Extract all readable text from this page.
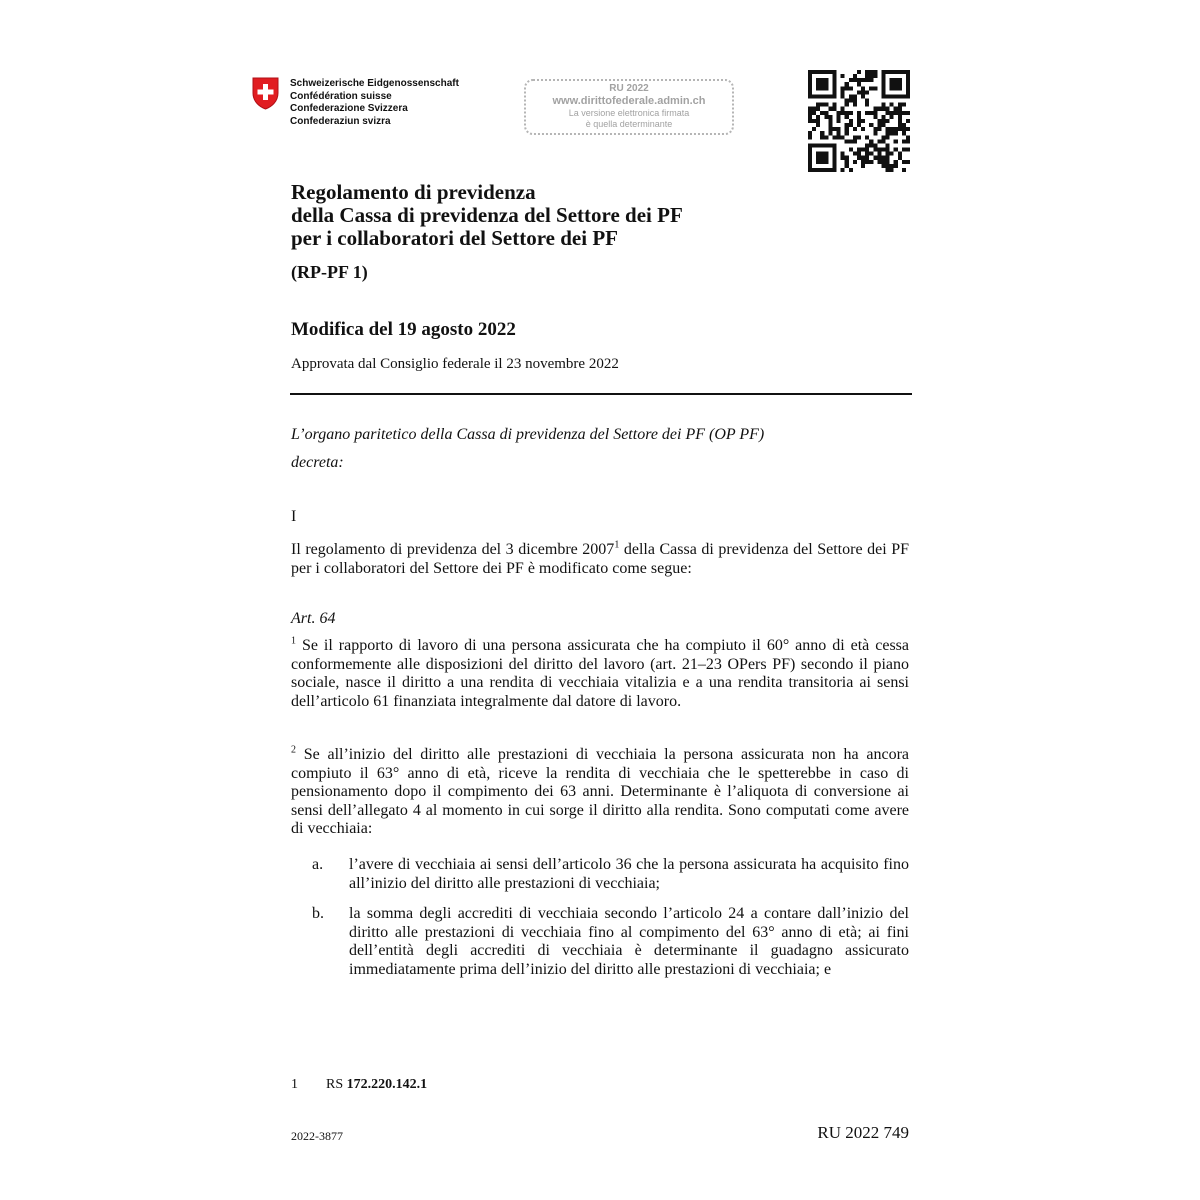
Schweizerische Eidgenossenschaft
Confédération suisse
Confederazione Svizzera
Confederaziun svizra
RU 2022
www.dirittofederale.admin.ch
La versione elettronica firmata
è quella determinante
Regolamento di previdenza
della Cassa di previdenza del Settore dei PF
per i collaboratori del Settore dei PF
(RP-PF 1)
Modifica del 19 agosto 2022
Approvata dal Consiglio federale il 23 novembre 2022
L’organo paritetico della Cassa di previdenza del Settore dei PF (OP PF)
decreta:
I
Il regolamento di previdenza del 3 dicembre 2007$^1$ della Cassa di previdenza del Settore dei PF per i collaboratori del Settore dei PF è modificato come segue:
Art. 64
$^1$ Se il rapporto di lavoro di una persona assicurata che ha compiuto il 60° anno di età cessa conformemente alle disposizioni del diritto del lavoro (art. 21–23 OPers PF) secondo il piano sociale, nasce il diritto a una rendita di vecchiaia vitalizia e a una rendita transitoria ai sensi dell’articolo 61 finanziata integralmente dal datore di lavoro.
$^2$ Se all’inizio del diritto alle prestazioni di vecchiaia la persona assicurata non ha ancora compiuto il 63° anno di età, riceve la rendita di vecchiaia che le spetterebbe in caso di pensionamento dopo il compimento dei 63 anni. Determinante è l’aliquota di conversione ai sensi dell’allegato 4 al momento in cui sorge il diritto alla rendita. Sono computati come avere di vecchiaia:
a. l’avere di vecchiaia ai sensi dell’articolo 36 che la persona assicurata ha acquisito fino all’inizio del diritto alle prestazioni di vecchiaia;
b. la somma degli accrediti di vecchiaia secondo l’articolo 24 a contare dall’inizio del diritto alle prestazioni di vecchiaia fino al compimento del 63° anno di età; ai fini dell’entità degli accrediti di vecchiaia è determinante il guadagno assicurato immediatamente prima dell’inizio del diritto alle prestazioni di vecchiaia; e
1 RS 172.220.142.1
2022-3877	RU 2022 749
